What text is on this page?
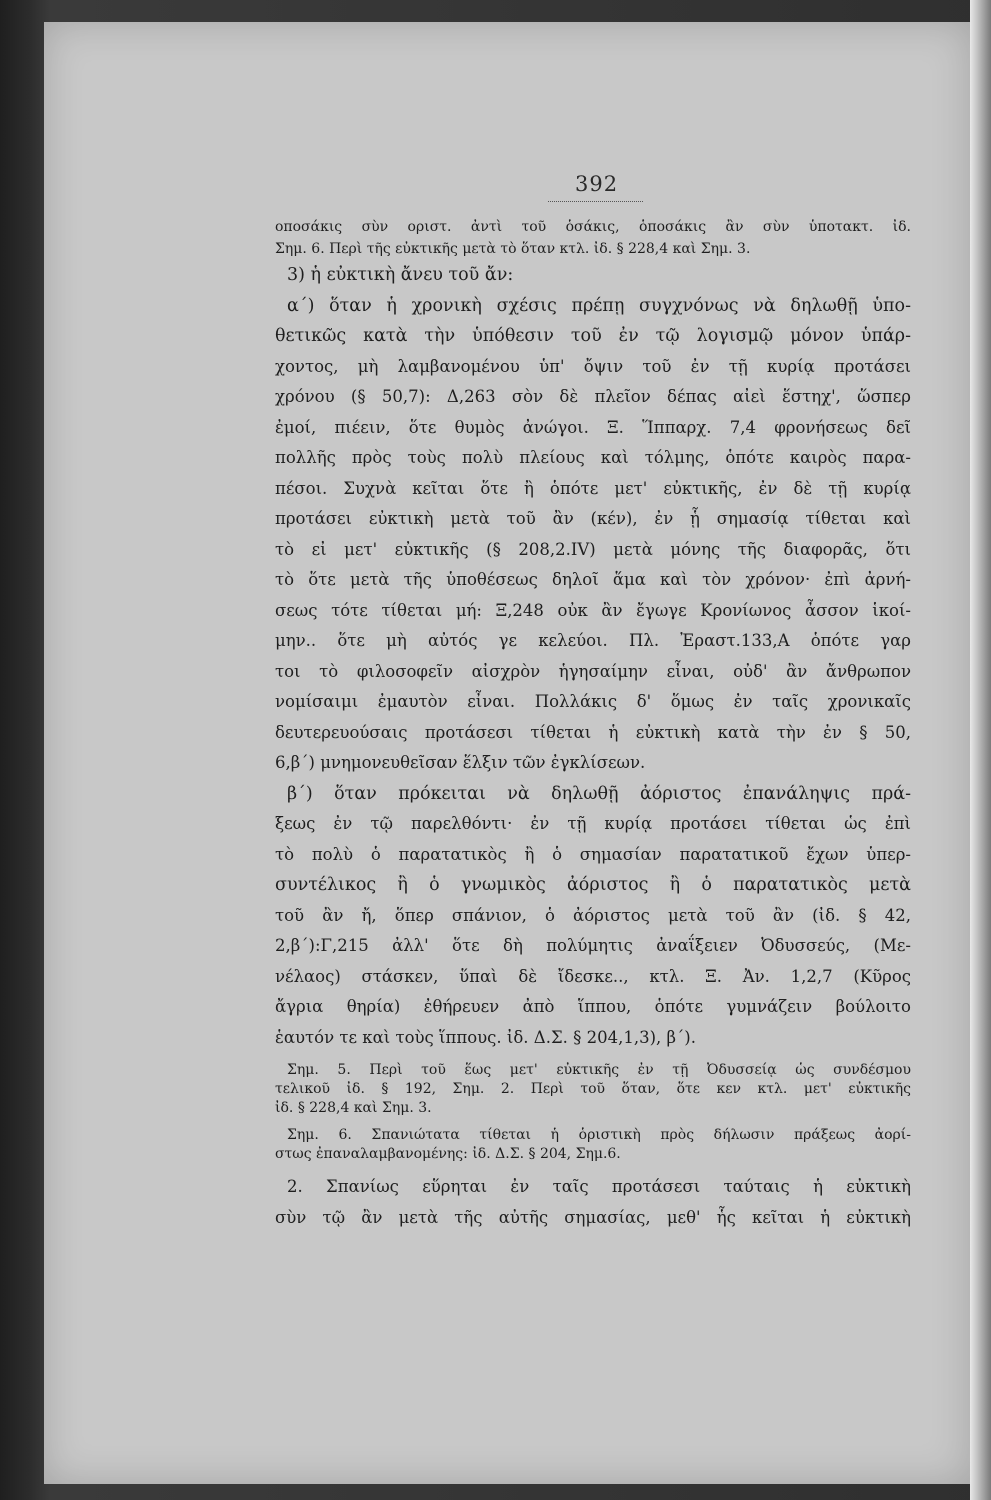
392
οποσάκις σὺν οριστ. ἀντὶ τοῦ ὁσάκις, ὁποσάκις ἂν σὺν ὑποτακτ. ἰδ.
Σημ. 6. Περὶ τῆς εὐκτικῆς μετὰ τὸ ὅταν κτλ. ἰδ. § 228,4 καὶ Σημ. 3.
3) ἡ εὐκτικὴ ἄνευ τοῦ ἄν:
α΄) ὅταν ἡ χρονικὴ σχέσις πρέπῃ συγχνόνως νὰ δηλωθῇ ὑπο-
θετικῶς κατὰ τὴν ὑπόθεσιν τοῦ ἐν τῷ λογισμῷ μόνον ὑπάρ-
χοντος, μὴ λαμβανομένου ὑπ' ὄψιν τοῦ ἐν τῇ κυρίᾳ προτάσει
χρόνου (§ 50,7): Δ,263 σὸν δὲ πλεῖον δέπας αἰεὶ ἕστηχ', ὥσπερ
ἐμοί, πιέειν, ὅτε θυμὸς ἀνώγοι. Ξ. Ἵππαρχ. 7,4 φρονήσεως δεῖ
πολλῆς πρὸς τοὺς πολὺ πλείους καὶ τόλμης, ὁπότε καιρὸς παρα-
πέσοι. Συχνὰ κεῖται ὅτε ἢ ὁπότε μετ' εὐκτικῆς, ἐν δὲ τῇ κυρίᾳ
προτάσει εὐκτικὴ μετὰ τοῦ ἂν (κέν), ἐν ᾗ σημασίᾳ τίθεται καὶ
τὸ εἰ μετ' εὐκτικῆς (§ 208,2.IV) μετὰ μόνης τῆς διαφορᾶς, ὅτι
τὸ ὅτε μετὰ τῆς ὑποθέσεως δηλοῖ ἅμα καὶ τὸν χρόνον· ἐπὶ ἀρνή-
σεως τότε τίθεται μή: Ξ,248 οὐκ ἂν ἔγωγε Κρονίωνος ἆσσον ἱκοί-
μην.. ὅτε μὴ αὐτός γε κελεύοι. Πλ. Ἐραστ.133,Α ὁπότε γαρ
τοι τὸ φιλοσοφεῖν αἰσχρὸν ἡγησαίμην εἶναι, οὐδ' ἂν ἄνθρωπον
νομίσαιμι ἐμαυτὸν εἶναι. Πολλάκις δ' ὅμως ἐν ταῖς χρονικαῖς
δευτερευούσαις προτάσεσι τίθεται ἡ εὐκτικὴ κατὰ τὴν ἐν § 50,
6,β΄) μνημονευθεῖσαν ἕλξιν τῶν ἐγκλίσεων.
β΄) ὅταν πρόκειται νὰ δηλωθῇ ἀόριστος ἐπανάληψις πρά-
ξεως ἐν τῷ παρελθόντι· ἐν τῇ κυρίᾳ προτάσει τίθεται ὡς ἐπὶ
τὸ πολὺ ὁ παρατατικὸς ἢ ὁ σημασίαν παρατατικοῦ ἔχων ὑπερ-
συντέλικος ἢ ὁ γνωμικὸς ἀόριστος ἢ ὁ παρατατικὸς μετὰ
τοῦ ἂν ἤ, ὅπερ σπάνιον, ὁ ἀόριστος μετὰ τοῦ ἂν (ἰδ. § 42,
2,β΄):Γ,215 ἀλλ' ὅτε δὴ πολύμητις ἀναΐξειεν Ὀδυσσεύς, (Με-
νέλαος) στάσκεν, ὕπαὶ δὲ ἴδεσκε.., κτλ. Ξ. Ἀν. 1,2,7 (Κῦρος
ἄγρια θηρία) ἐθήρευεν ἀπὸ ἵππου, ὁπότε γυμνάζειν βούλοιτο
ἑαυτόν τε καὶ τοὺς ἵππους. ἰδ. Δ.Σ. § 204,1,3), β΄).
Σημ. 5. Περὶ τοῦ ἕως μετ' εὐκτικῆς ἐν τῇ Ὀδυσσείᾳ ὡς συνδέσμου
τελικοῦ ἰδ. § 192, Σημ. 2. Περὶ τοῦ ὅταν, ὅτε κεν κτλ. μετ' εὐκτικῆς
ἰδ. § 228,4 καὶ Σημ. 3.
Σημ. 6. Σπανιώτατα τίθεται ἡ ὁριστικὴ πρὸς δήλωσιν πράξεως ἀορί-
στως ἐπαναλαμβανομένης: ἰδ. Δ.Σ. § 204, Σημ.6.
2. Σπανίως εὕρηται ἐν ταῖς προτάσεσι ταύταις ἡ εὐκτικὴ
σὺν τῷ ἂν μετὰ τῆς αὐτῆς σημασίας, μεθ' ἧς κεῖται ἡ εὐκτικὴ
